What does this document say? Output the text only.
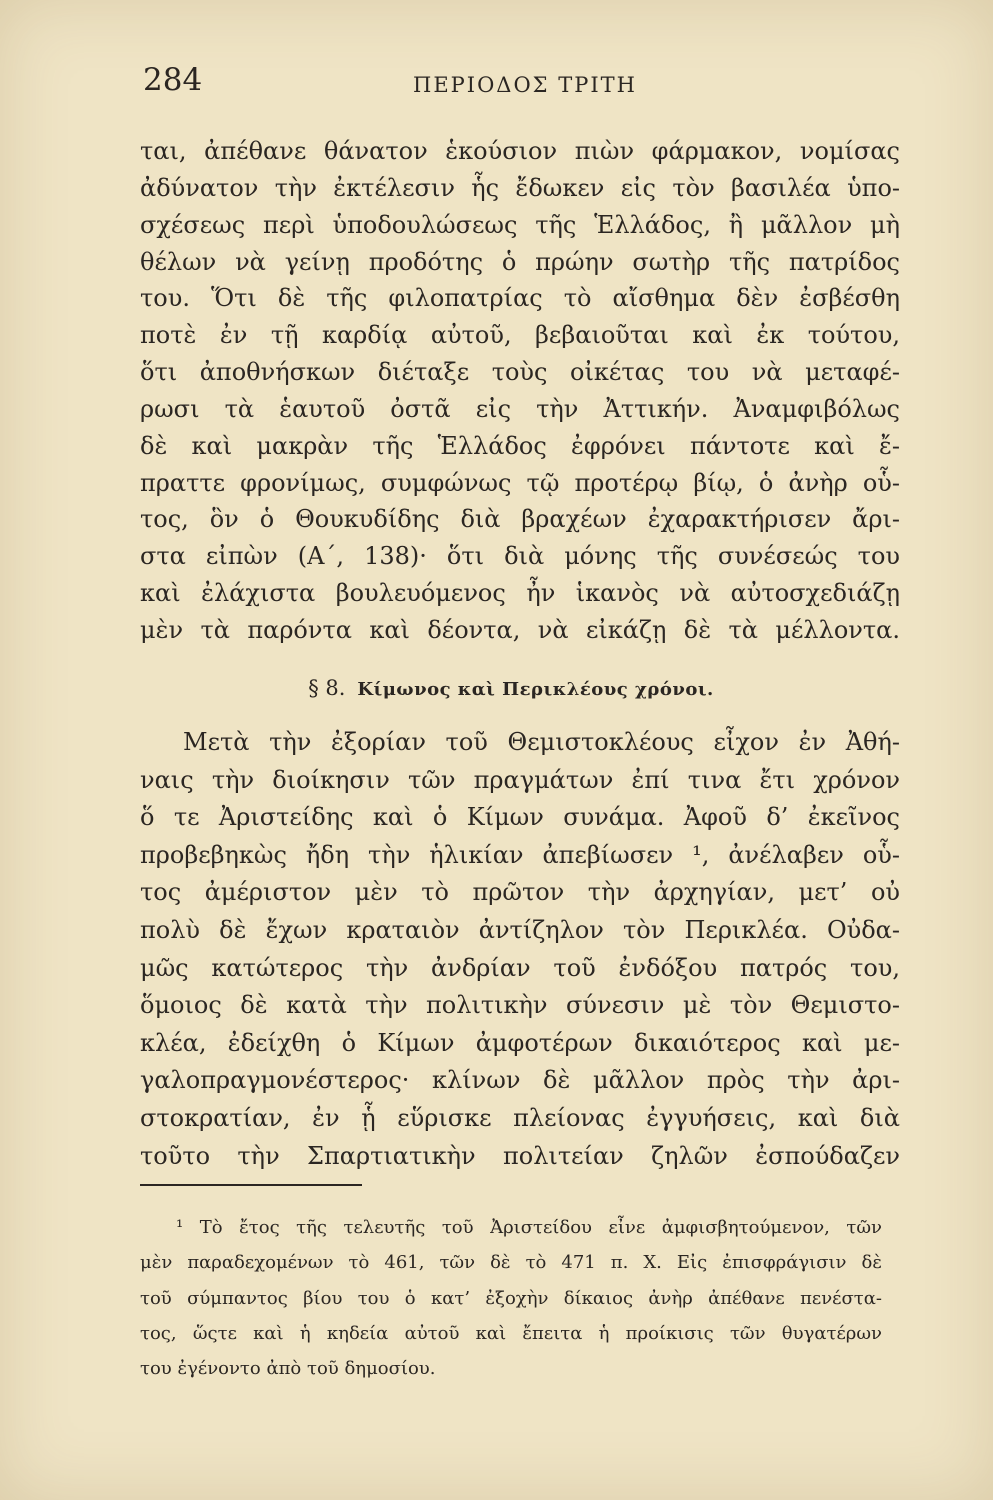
284	ΠΕΡΙΟΔΟΣ ΤΡΙΤΗ
ται, ἀπέθανε θάνατον ἑκούσιον πιὼν φάρμακον, νομίσας
ἀδύνατον τὴν ἐκτέλεσιν ἧς ἔδωκεν εἰς τὸν βασιλέα ὑπο-
σχέσεως περὶ ὑποδουλώσεως τῆς Ἑλλάδος, ἢ μᾶλλον μὴ
θέλων νὰ γείνῃ προδότης ὁ πρώην σωτὴρ τῆς πατρίδος
του. Ὅτι δὲ τῆς φιλοπατρίας τὸ αἴσθημα δὲν ἐσβέσθη
ποτὲ ἐν τῇ καρδίᾳ αὐτοῦ, βεβαιοῦται καὶ ἐκ τούτου,
ὅτι ἀποθνήσκων διέταξε τοὺς οἰκέτας του νὰ μεταφέ-
ρωσι τὰ ἑαυτοῦ ὀστᾶ εἰς τὴν Ἀττικήν. Ἀναμφιβόλως
δὲ καὶ μακρὰν τῆς Ἑλλάδος ἐφρόνει πάντοτε καὶ ἔ-
πραττε φρονίμως, συμφώνως τῷ προτέρῳ βίῳ, ὁ ἀνὴρ οὗ-
τος, ὃν ὁ Θουκυδίδης διὰ βραχέων ἐχαρακτήρισεν ἄρι-
στα εἰπὼν (Α΄, 138)· ὅτι διὰ μόνης τῆς συνέσεώς του
καὶ ἐλάχιστα βουλευόμενος ἦν ἱκανὸς νὰ αὐτοσχεδιάζῃ
μὲν τὰ παρόντα καὶ δέοντα, νὰ εἰκάζῃ δὲ τὰ μέλλοντα.
§ 8. Κίμωνος καὶ Περικλέους χρόνοι.
Μετὰ τὴν ἐξορίαν τοῦ Θεμιστοκλέους εἶχον ἐν Ἀθή-
ναις τὴν διοίκησιν τῶν πραγμάτων ἐπί τινα ἔτι χρόνον
ὅ τε Ἀριστείδης καὶ ὁ Κίμων συνάμα. Ἀφοῦ δ’ ἐκεῖνος
προβεβηκὼς ἤδη τὴν ἡλικίαν ἀπεβίωσεν ¹, ἀνέλαβεν οὗ-
τος ἀμέριστον μὲν τὸ πρῶτον τὴν ἀρχηγίαν, μετ’ οὐ
πολὺ δὲ ἔχων κραταιὸν ἀντίζηλον τὸν Περικλέα. Οὐδα-
μῶς κατώτερος τὴν ἀνδρίαν τοῦ ἐνδόξου πατρός του,
ὅμοιος δὲ κατὰ τὴν πολιτικὴν σύνεσιν μὲ τὸν Θεμιστο-
κλέα, ἐδείχθη ὁ Κίμων ἀμφοτέρων δικαιότερος καὶ με-
γαλοπραγμονέστερος· κλίνων δὲ μᾶλλον πρὸς τὴν ἀρι-
στοκρατίαν, ἐν ᾗ εὕρισκε πλείονας ἐγγυήσεις, καὶ διὰ
τοῦτο τὴν Σπαρτιατικὴν πολιτείαν ζηλῶν ἐσπούδαζεν
¹ Τὸ ἔτος τῆς τελευτῆς τοῦ Ἀριστείδου εἶνε ἀμφισβητούμενον, τῶν
μὲν παραδεχομένων τὸ 461, τῶν δὲ τὸ 471 π. Χ. Εἰς ἐπισφράγισιν δὲ
τοῦ σύμπαντος βίου του ὁ κατ’ ἐξοχὴν δίκαιος ἀνὴρ ἀπέθανε πενέστα-
τος, ὥςτε καὶ ἡ κηδεία αὐτοῦ καὶ ἔπειτα ἡ προίκισις τῶν θυγατέρων
του ἐγένοντο ἀπὸ τοῦ δημοσίου.
